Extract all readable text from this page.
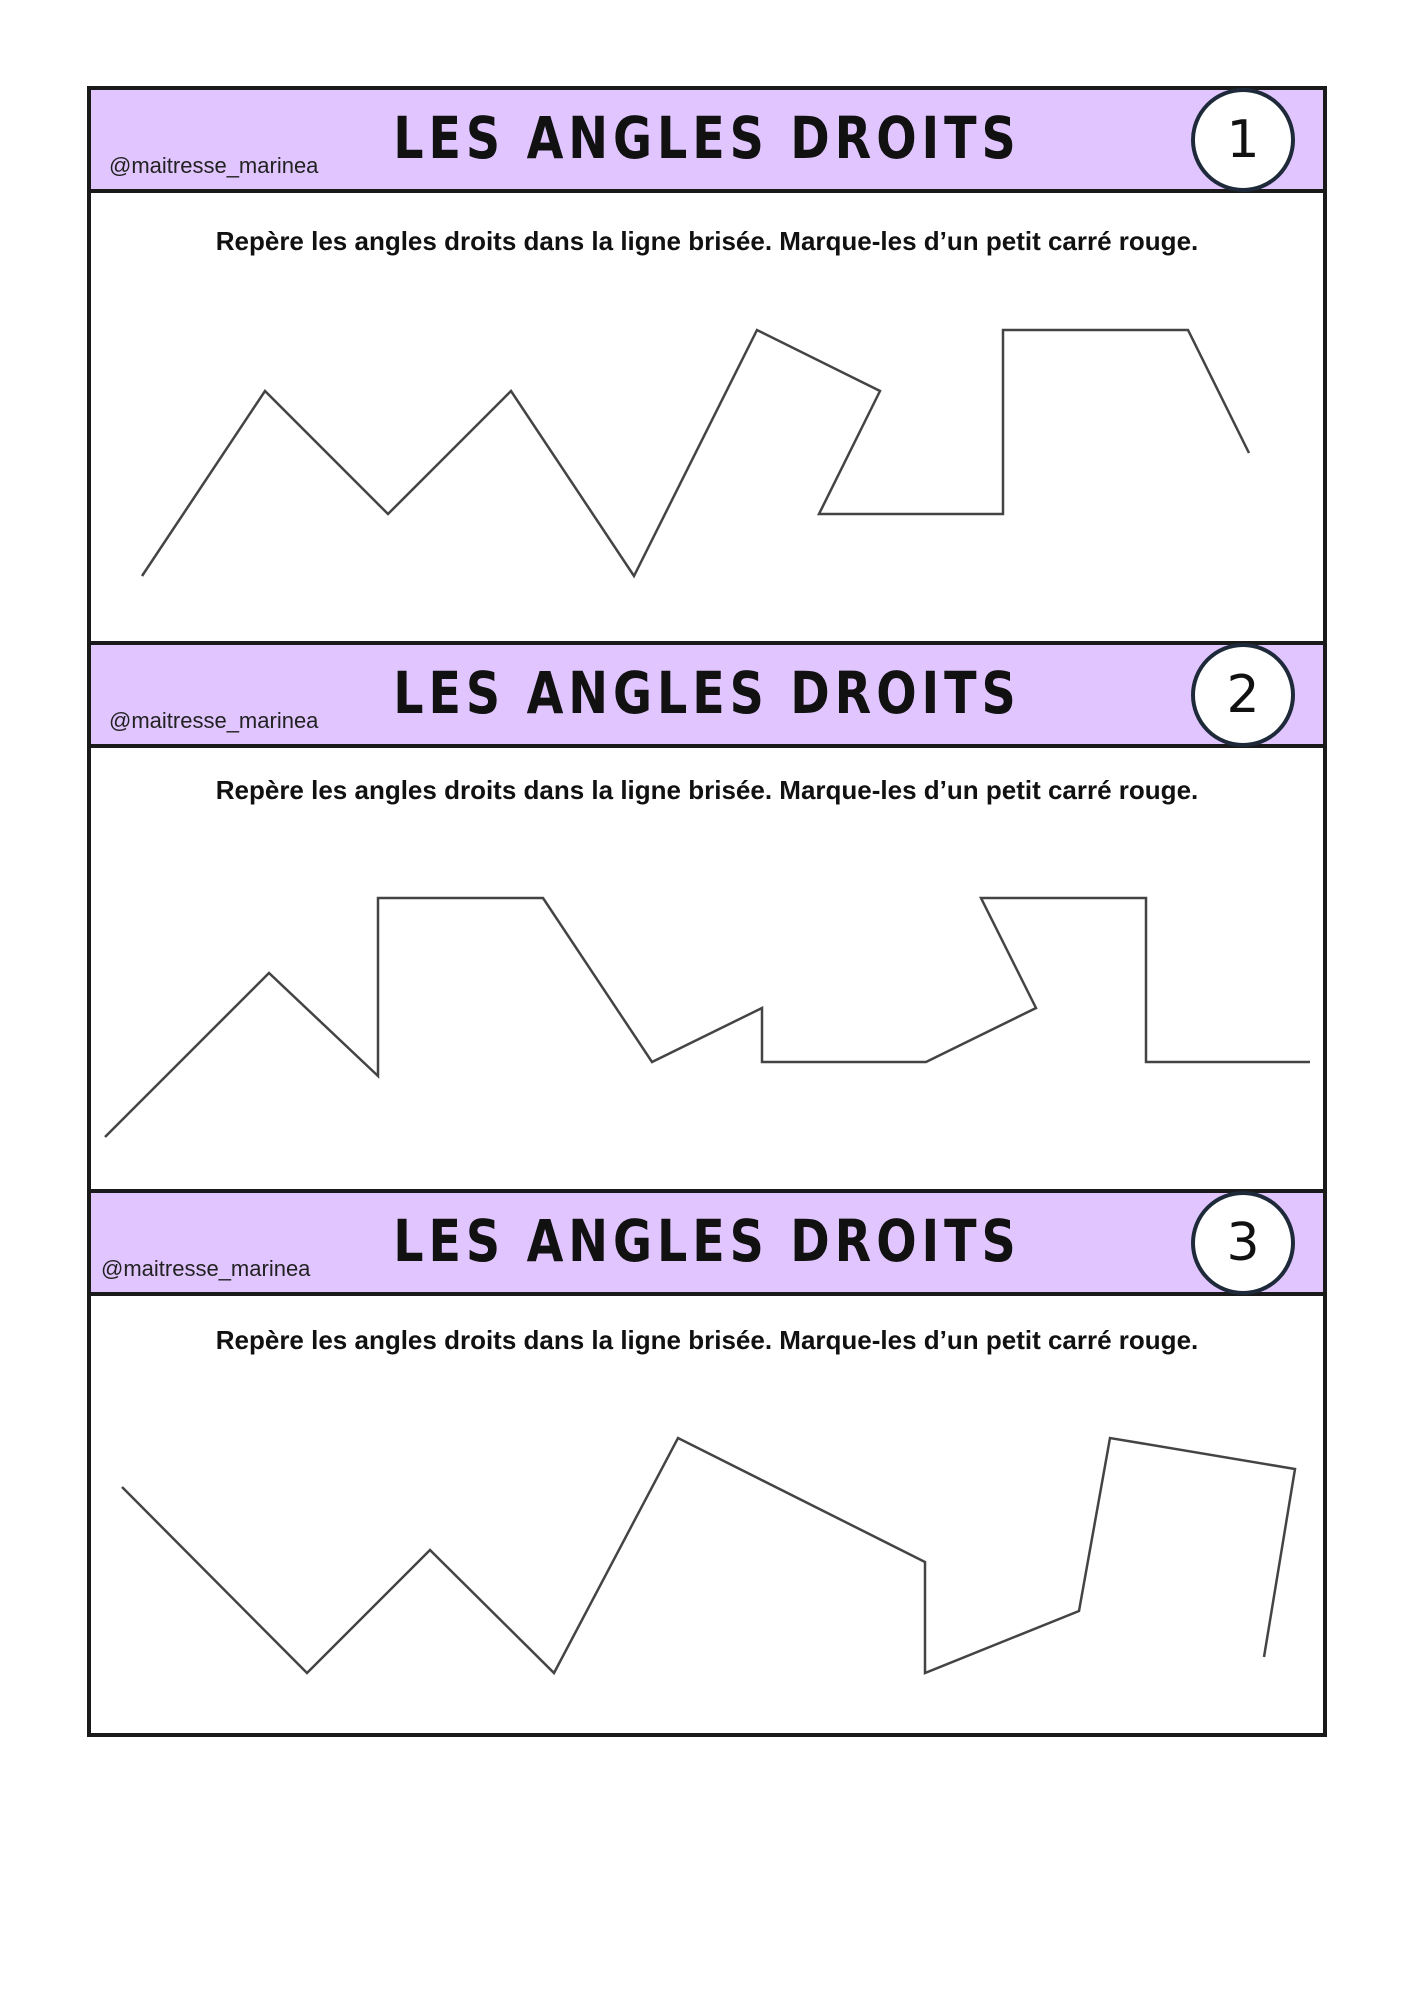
@maitresse_marinea	LES ANGLES DROITS	1
Repère les angles droits dans la ligne brisée. Marque-les d’un petit carré rouge.
@maitresse_marinea	LES ANGLES DROITS	2
Repère les angles droits dans la ligne brisée. Marque-les d’un petit carré rouge.
@maitresse_marinea	LES ANGLES DROITS	3
Repère les angles droits dans la ligne brisée. Marque-les d’un petit carré rouge.
